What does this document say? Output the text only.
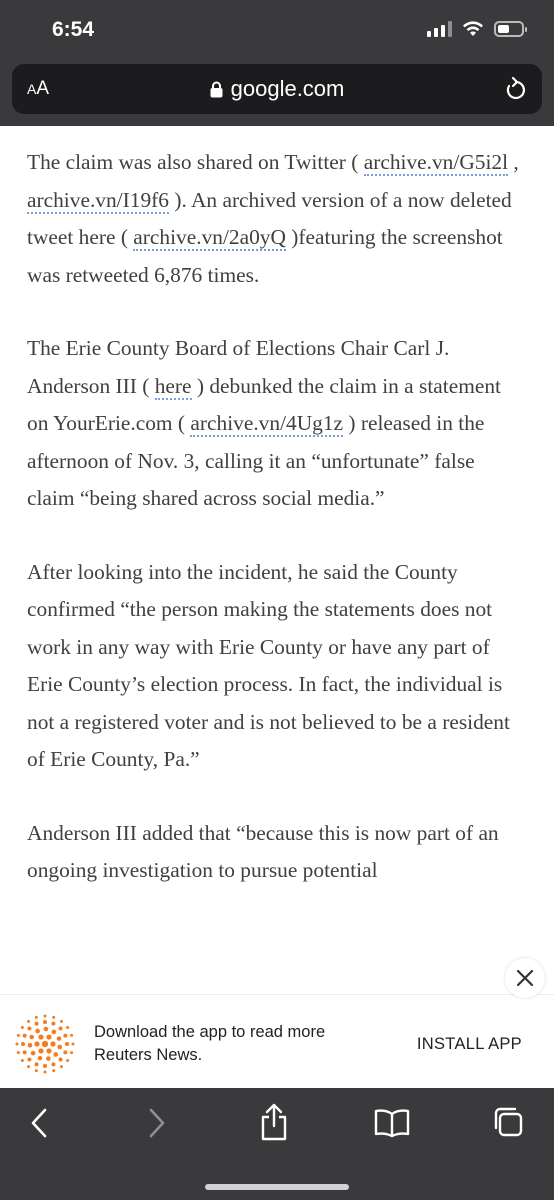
6:54
AA	google.com

The claim was also shared on Twitter ( archive.vn/G5i2l , archive.vn/I19f6 ). An archived version of a now deleted tweet here ( archive.vn/2a0yQ )featuring the screenshot was retweeted 6,876 times.

The Erie County Board of Elections Chair Carl J. Anderson III ( here ) debunked the claim in a statement on YourErie.com ( archive.vn/4Ug1z ) released in the afternoon of Nov. 3, calling it an “unfortunate” false claim “being shared across social media.”

After looking into the incident, he said the County confirmed “the person making the statements does not work in any way with Erie County or have any part of Erie County’s election process. In fact, the individual is not a registered voter and is not believed to be a resident of Erie County, Pa.”

Anderson III added that “because this is now part of an ongoing investigation to pursue potential

Download the app to read more
Reuters News.
INSTALL APP
